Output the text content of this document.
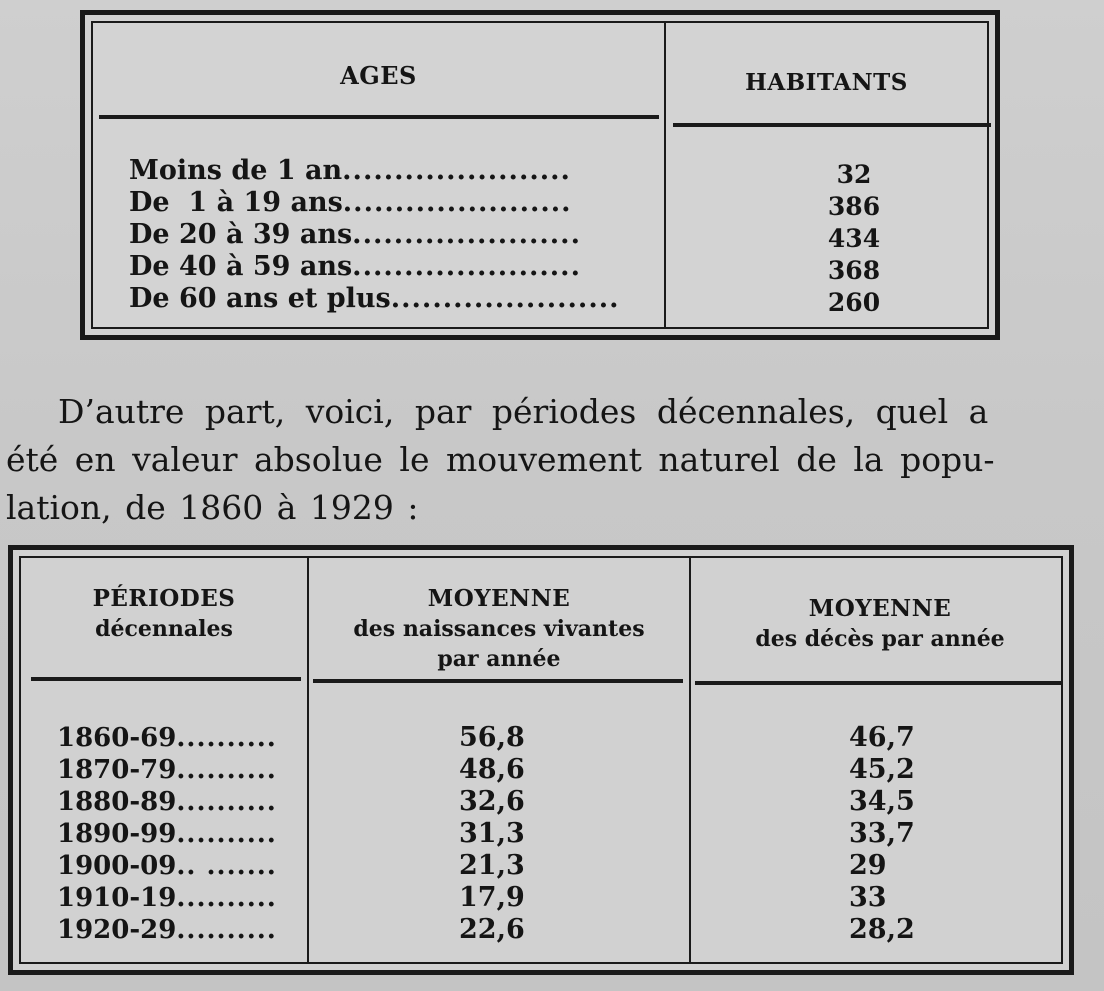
AGES	HABITANTS
Moins de 1 an ......................
De  1 à 19 ans ......................
De 20 à 39 ans ......................
De 40 à 59 ans ......................
De 60 ans et plus ......................
32
386
434
368
260
D’autre part, voici, par périodes décennales, quel a
été en valeur absolue le mouvement naturel de la popu-
lation, de 1860 à 1929 :
PÉRIODES
décennales
MOYENNE
des naissances vivantes
par année
MOYENNE
des décès par année
1860-69 ..........
1870-79 ..........
1880-89 ..........
1890-99 ..........
1900-09 .. .......
1910-19 ..........
1920-29 ..........
56,8
48,6
32,6
31,3
21,3
17,9
22,6
46,7
45,2
34,5
33,7
29
33
28,2
